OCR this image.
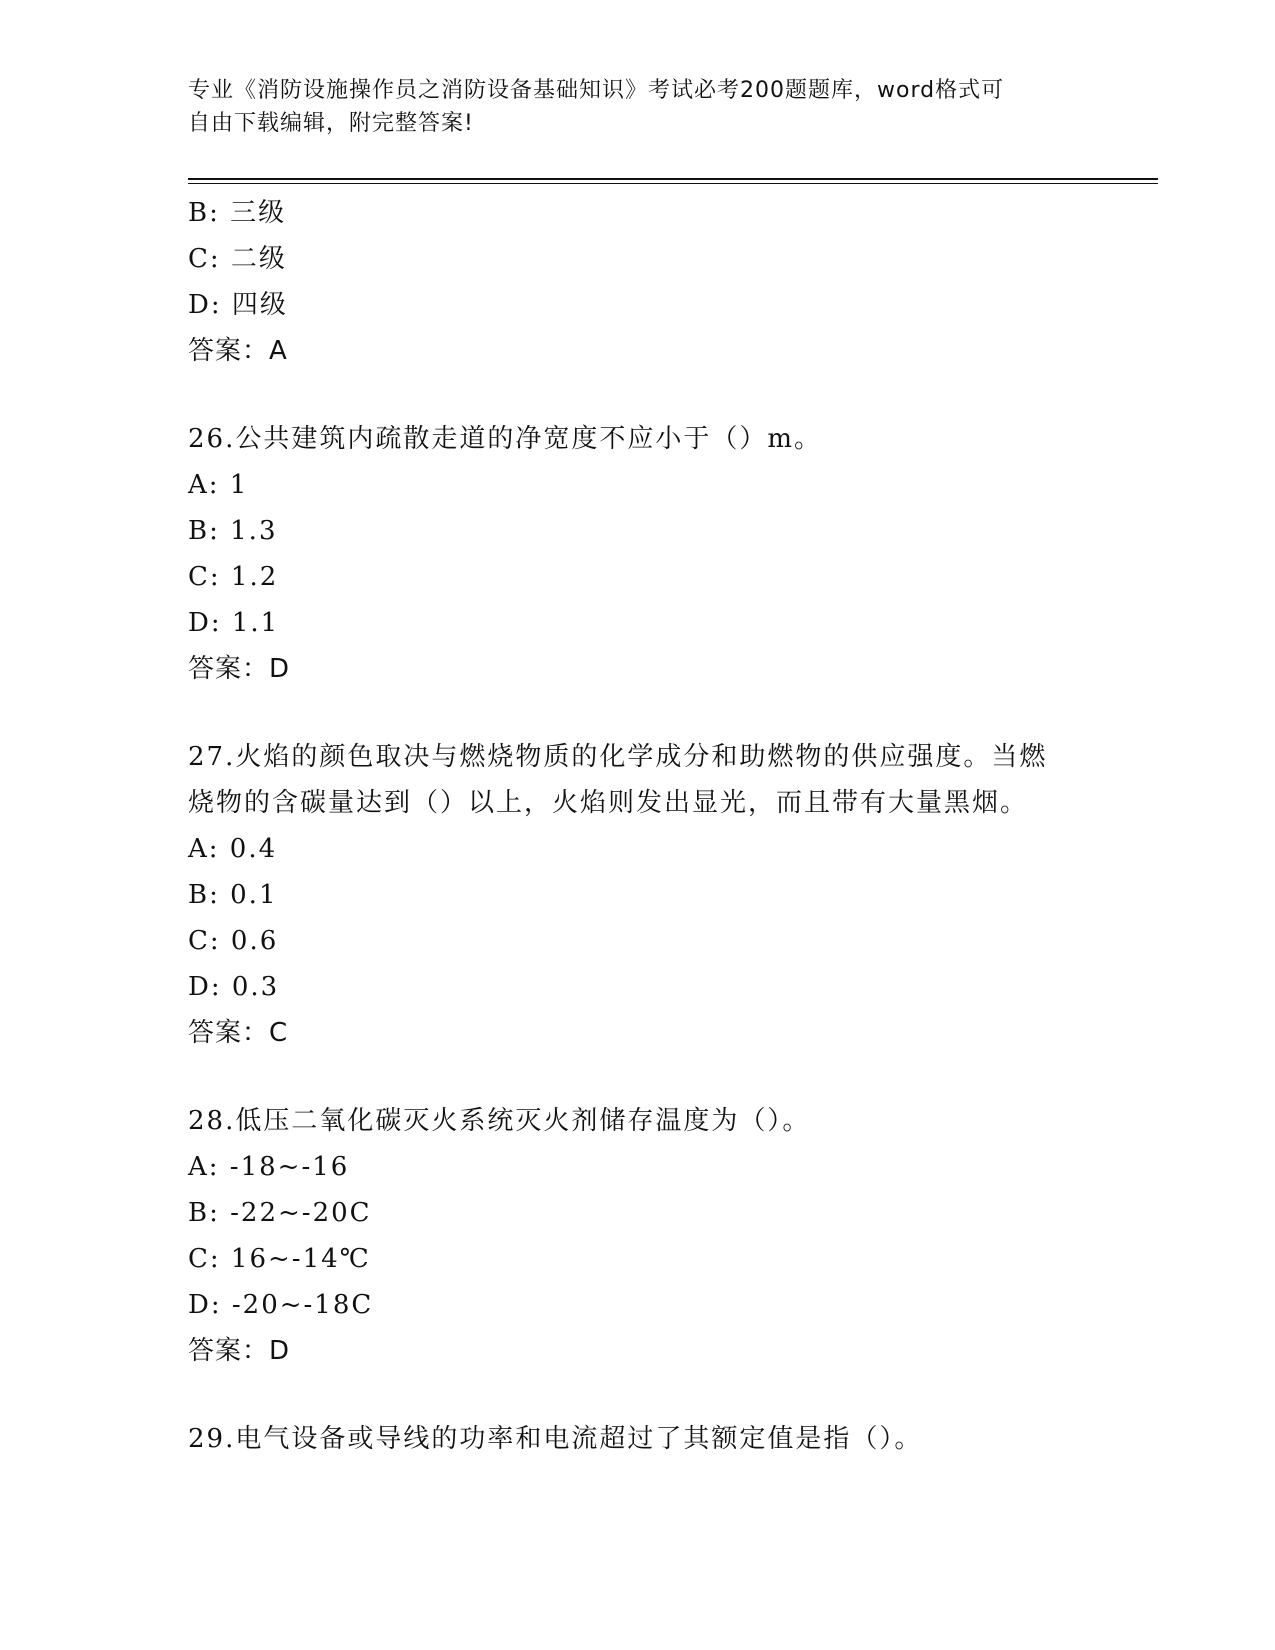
专业《消防设施操作员之消防设备基础知识》考试必考200题题库，word格式可
自由下载编辑，附完整答案!
B: 三级
C: 二级
D: 四级
答案：A
26.公共建筑内疏散走道的净宽度不应小于（）m。
A: 1
B: 1.3
C: 1.2
D: 1.1
答案：D
27.火焰的颜色取决与燃烧物质的化学成分和助燃物的供应强度。当燃
烧物的含碳量达到（）以上，火焰则发出显光，而且带有大量黑烟。
A: 0.4
B: 0.1
C: 0.6
D: 0.3
答案：C
28.低压二氧化碳灭火系统灭火剂储存温度为（）。
A: -18~-16
B: -22~-20C
C: 16~-14℃
D: -20~-18C
答案：D
29.电气设备或导线的功率和电流超过了其额定值是指（）。
